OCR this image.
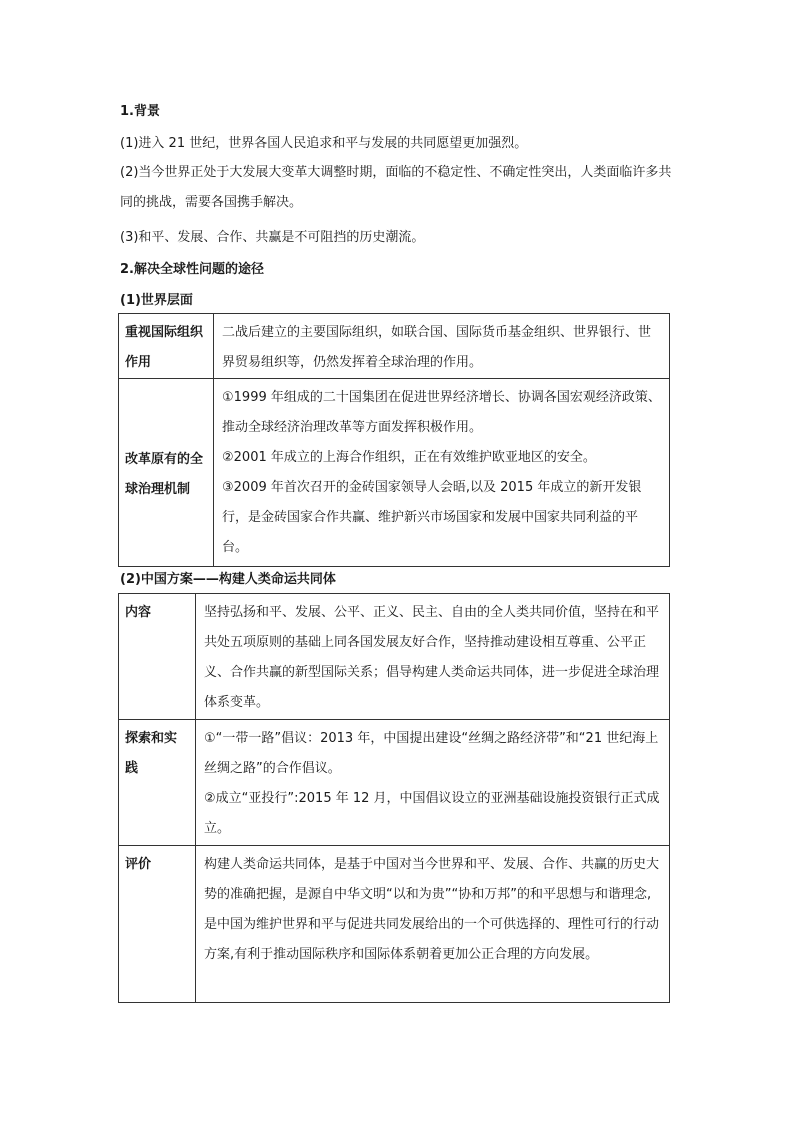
1.背景
(1)进入 21 世纪，世界各国人民追求和平与发展的共同愿望更加强烈。
(2)当今世界正处于大发展大变革大调整时期，面临的不稳定性、不确定性突出，人类面临许多共同的挑战，需要各国携手解决。
(3)和平、发展、合作、共赢是不可阻挡的历史潮流。
2.解决全球性问题的途径
(1)世界层面
重视国际组织作用	二战后建立的主要国际组织，如联合国、国际货币基金组织、世界银行、世界贸易组织等，仍然发挥着全球治理的作用。

改革原有的全球治理机制	①1999 年组成的二十国集团在促进世界经济增长、协调各国宏观经济政策、推动全球经济治理改革等方面发挥积极作用。
②2001 年成立的上海合作组织，正在有效维护欧亚地区的安全。
③2009 年首次召开的金砖国家领导人会晤,以及 2015 年成立的新开发银行，是金砖国家合作共赢、维护新兴市场国家和发展中国家共同利益的平台。
(2)中国方案——构建人类命运共同体
内容	坚持弘扬和平、发展、公平、正义、民主、自由的全人类共同价值，坚持在和平共处五项原则的基础上同各国发展友好合作，坚持推动建设相互尊重、公平正义、合作共赢的新型国际关系；倡导构建人类命运共同体，进一步促进全球治理体系变革。

探索和实践	①“一带一路”倡议：2013 年，中国提出建设“丝绸之路经济带”和“21 世纪海上丝绸之路”的合作倡议。
②成立“亚投行”:2015 年 12 月，中国倡议设立的亚洲基础设施投资银行正式成立。

评价	构建人类命运共同体，是基于中国对当今世界和平、发展、合作、共赢的历史大势的准确把握，是源自中华文明“以和为贵”“协和万邦”的和平思想与和谐理念,是中国为维护世界和平与促进共同发展给出的一个可供选择的、理性可行的行动方案,有利于推动国际秩序和国际体系朝着更加公正合理的方向发展。
